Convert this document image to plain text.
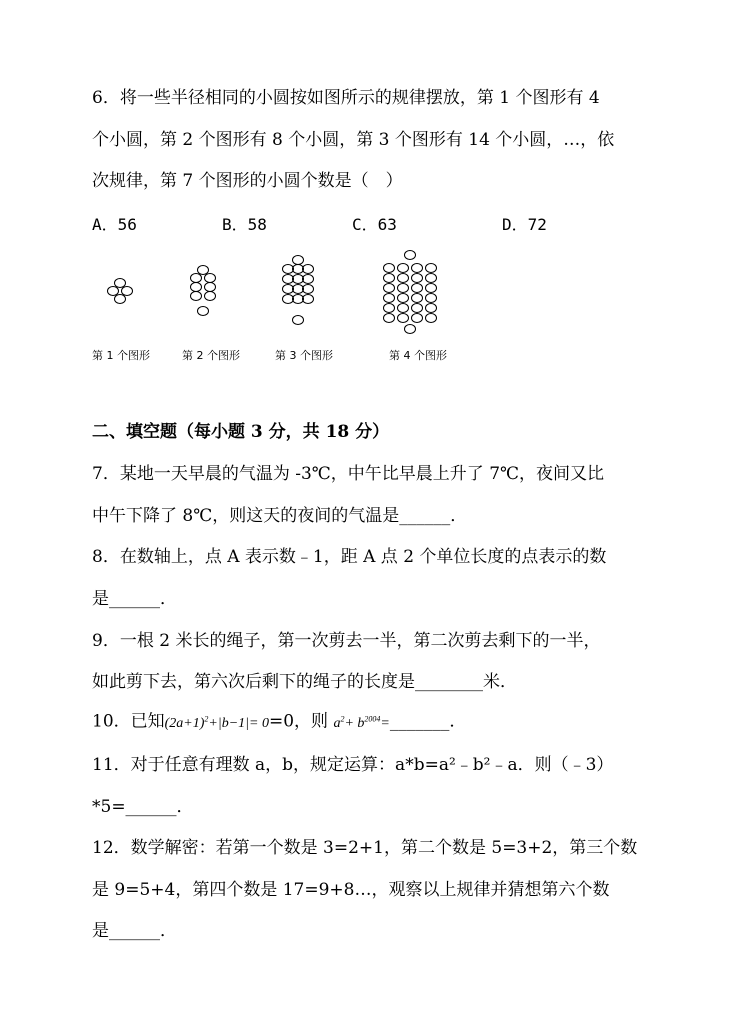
6．将一些半径相同的小圆按如图所示的规律摆放，第 1 个图形有 4
个小圆，第 2 个图形有 8 个小圆，第 3 个图形有 14 个小圆，…，依
次规律，第 7 个图形的小圆个数是（　）
A．56	B．58	C．63	D．72
第 1 个图形	第 2 个图形	第 3 个图形	第 4 个图形
二、填空题（每小题 3 分，共 18 分）
7．某地一天早晨的气温为 -3℃，中午比早晨上升了 7℃，夜间又比
中午下降了 8℃，则这天的夜间的气温是______．
8．在数轴上，点 A 表示数﹣1，距 A 点 2 个单位长度的点表示的数
是______．
9．一根 2 米长的绳子，第一次剪去一半，第二次剪去剩下的一半，
如此剪下去，第六次后剩下的绳子的长度是________米．
10．已知$(2a+1)^2+|b-1|= 0=0$，则 $a^2+$ $b^{2004}=\_\_\_\_\_\_\_$．
11．对于任意有理数 a，b，规定运算：a*b=a²﹣b²﹣a．则（﹣3）
*5=______．
12．数学解密：若第一个数是 3=2+1，第二个数是 5=3+2，第三个数
是 9=5+4，第四个数是 17=9+8…，观察以上规律并猜想第六个数
是______．
